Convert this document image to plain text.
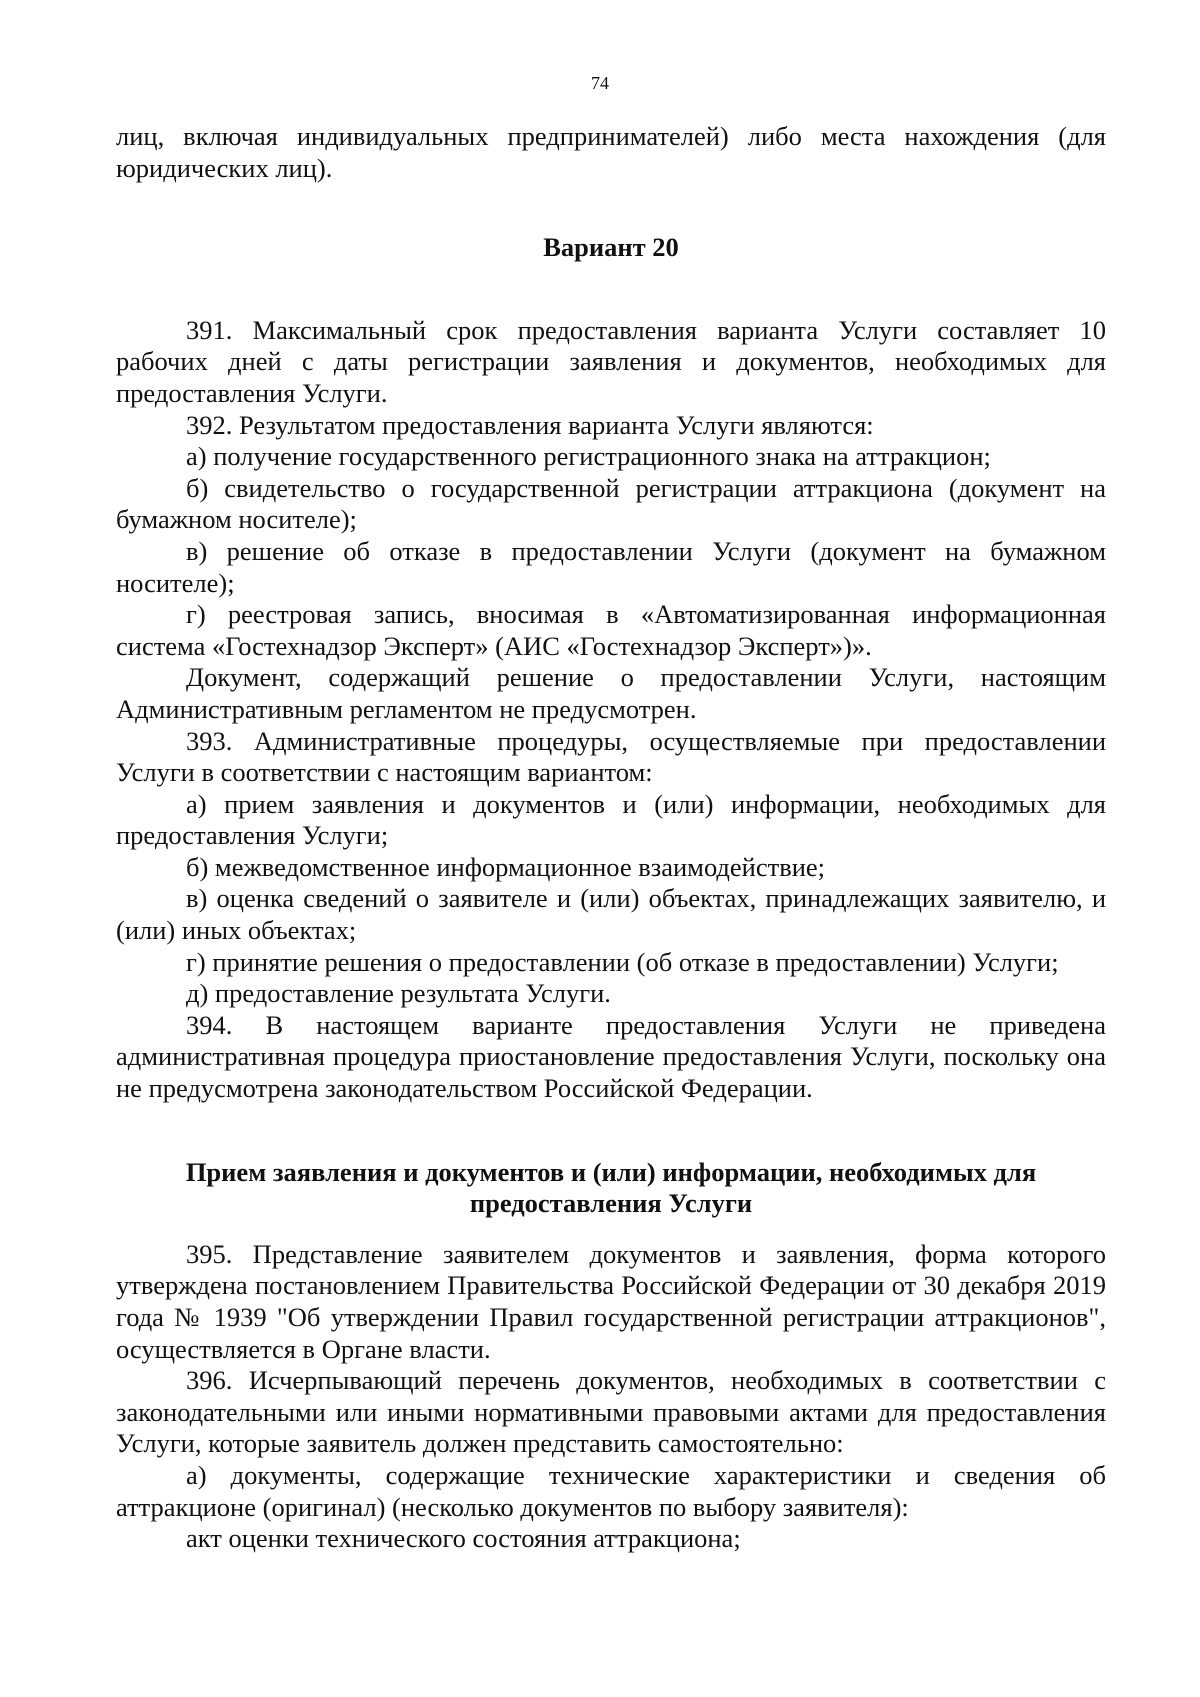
74

лиц, включая индивидуальных предпринимателей) либо места нахождения (для юридических лиц).

Вариант 20

391. Максимальный срок предоставления варианта Услуги составляет 10 рабочих дней с даты регистрации заявления и документов, необходимых для предоставления Услуги.

392. Результатом предоставления варианта Услуги являются:

а) получение государственного регистрационного знака на аттракцион;

б) свидетельство о государственной регистрации аттракциона (документ на бумажном носителе);

в) решение об отказе в предоставлении Услуги (документ на бумажном носителе);

г) реестровая запись, вносимая в «Автоматизированная информационная система «Гостехнадзор Эксперт» (АИС «Гостехнадзор Эксперт»)».

Документ, содержащий решение о предоставлении Услуги, настоящим Административным регламентом не предусмотрен.

393. Административные процедуры, осуществляемые при предоставлении Услуги в соответствии с настоящим вариантом:

а) прием заявления и документов и (или) информации, необходимых для предоставления Услуги;

б) межведомственное информационное взаимодействие;

в) оценка сведений о заявителе и (или) объектах, принадлежащих заявителю, и (или) иных объектах;

г) принятие решения о предоставлении (об отказе в предоставлении) Услуги;

д) предоставление результата Услуги.

394. В настоящем варианте предоставления Услуги не приведена административная процедура приостановление предоставления Услуги, поскольку она не предусмотрена законодательством Российской Федерации.

Прием заявления и документов и (или) информации, необходимых для
предоставления Услуги

395. Представление заявителем документов и заявления, форма которого утверждена постановлением Правительства Российской Федерации от 30 декабря 2019 года № 1939 "Об утверждении Правил государственной регистрации аттракционов", осуществляется в Органе власти.

396. Исчерпывающий перечень документов, необходимых в соответствии с законодательными или иными нормативными правовыми актами для предоставления Услуги, которые заявитель должен представить самостоятельно:

а) документы, содержащие технические характеристики и сведения об аттракционе (оригинал) (несколько документов по выбору заявителя):

акт оценки технического состояния аттракциона;
